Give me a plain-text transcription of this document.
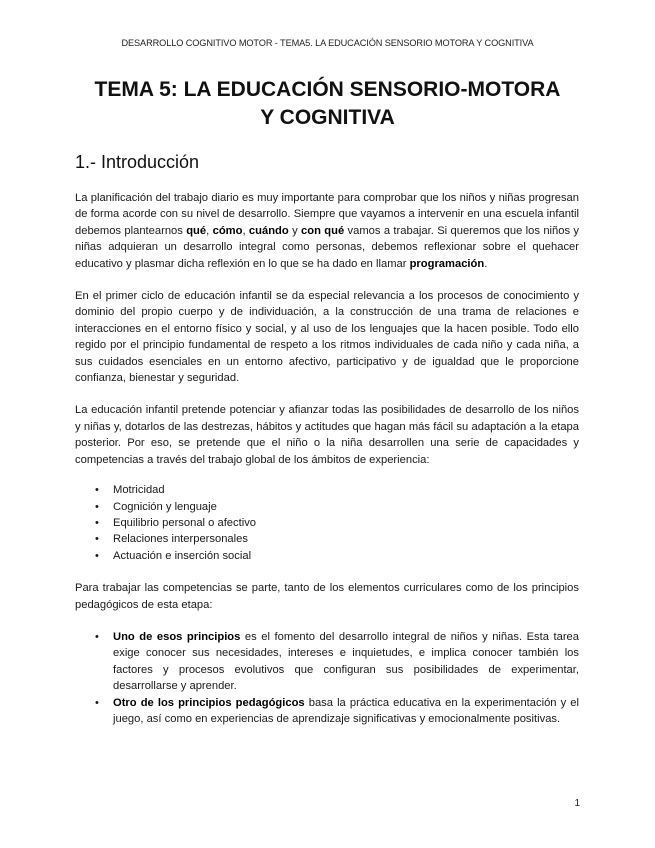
DESARROLLO COGNITIVO MOTOR - TEMA5. LA EDUCACIÓN SENSORIO MOTORA Y COGNITIVA
TEMA 5: LA EDUCACIÓN SENSORIO-MOTORA
Y COGNITIVA
1.- Introducción

La planificación del trabajo diario es muy importante para comprobar que los niños y niñas progresan de forma acorde con su nivel de desarrollo. Siempre que vayamos a intervenir en una escuela infantil debemos plantearnos qué, cómo, cuándo y con qué vamos a trabajar. Si queremos que los niños y niñas adquieran un desarrollo integral como personas, debemos reflexionar sobre el quehacer educativo y plasmar dicha reflexión en lo que se ha dado en llamar programación.

En el primer ciclo de educación infantil se da especial relevancia a los procesos de conocimiento y dominio del propio cuerpo y de individuación, a la construcción de una trama de relaciones e interacciones en el entorno físico y social, y al uso de los lenguajes que la hacen posible. Todo ello regido por el principio fundamental de respeto a los ritmos individuales de cada niño y cada niña, a sus cuidados esenciales en un entorno afectivo, participativo y de igualdad que le proporcione confianza, bienestar y seguridad.

La educación infantil pretende potenciar y afianzar todas las posibilidades de desarrollo de los niños y niñas y, dotarlos de las destrezas, hábitos y actitudes que hagan más fácil su adaptación a la etapa posterior. Por eso, se pretende que el niño o la niña desarrollen una serie de capacidades y competencias a través del trabajo global de los ámbitos de experiencia:

• Motricidad
• Cognición y lenguaje
• Equilibrio personal o afectivo
• Relaciones interpersonales
• Actuación e inserción social

Para trabajar las competencias se parte, tanto de los elementos curriculares como de los principios pedagógicos de esta etapa:

• Uno de esos principios es el fomento del desarrollo integral de niños y niñas. Esta tarea exige conocer sus necesidades, intereses e inquietudes, e implica conocer también los factores y procesos evolutivos que configuran sus posibilidades de experimentar, desarrollarse y aprender.
• Otro de los principios pedagógicos basa la práctica educativa en la experimentación y el juego, así como en experiencias de aprendizaje significativas y emocionalmente positivas.
1
